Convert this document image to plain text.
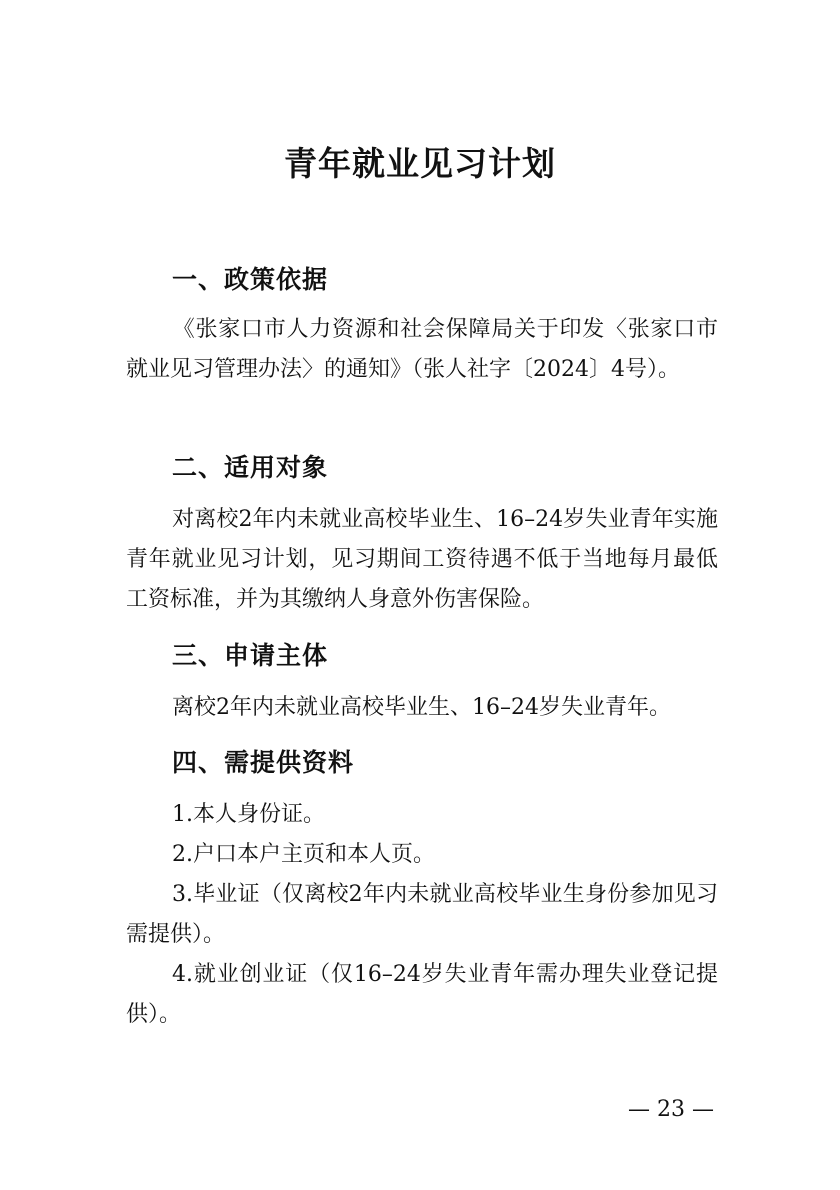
青年就业见习计划
一、政策依据

《张家口市人力资源和社会保障局关于印发〈张家口市就业见习管理办法〉的通知》（张人社字〔2024〕4号）。

二、适用对象

对离校2年内未就业高校毕业生、16–24岁失业青年实施青年就业见习计划，见习期间工资待遇不低于当地每月最低工资标准，并为其缴纳人身意外伤害保险。

三、申请主体

离校2年内未就业高校毕业生、16–24岁失业青年。

四、需提供资料

1.本人身份证。

2.户口本户主页和本人页。

3.毕业证（仅离校2年内未就业高校毕业生身份参加见习需提供）。

4.就业创业证（仅16–24岁失业青年需办理失业登记提供）。

— 23 —
